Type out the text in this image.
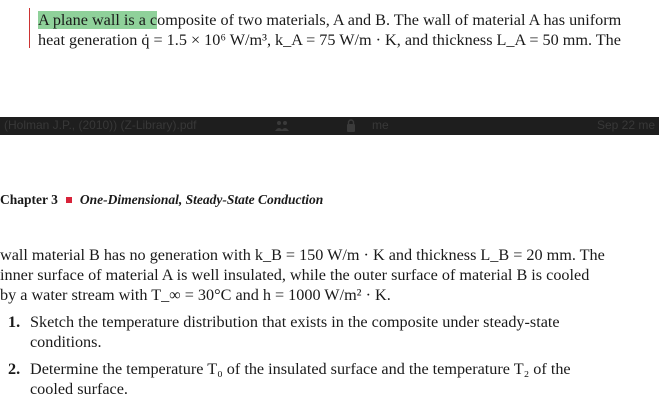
A plane wall is a composite of two materials, A and B. The wall of material A has uniform
heat generation q̇ = 1.5 × 10⁶ W/m³, k_A = 75 W/m · K, and thickness L_A = 50 mm. The
(Holman J.P., (2010)) (Z-Library).pdf	me	Sep 22 me
Chapter 3 One-Dimensional, Steady-State Conduction
wall material B has no generation with k_B = 150 W/m · K and thickness L_B = 20 mm. The
inner surface of material A is well insulated, while the outer surface of material B is cooled
by a water stream with T_∞ = 30°C and h = 1000 W/m² · K.
1. Sketch the temperature distribution that exists in the composite under steady-state
conditions.
2. Determine the temperature T₀ of the insulated surface and the temperature T₂ of the
cooled surface.
